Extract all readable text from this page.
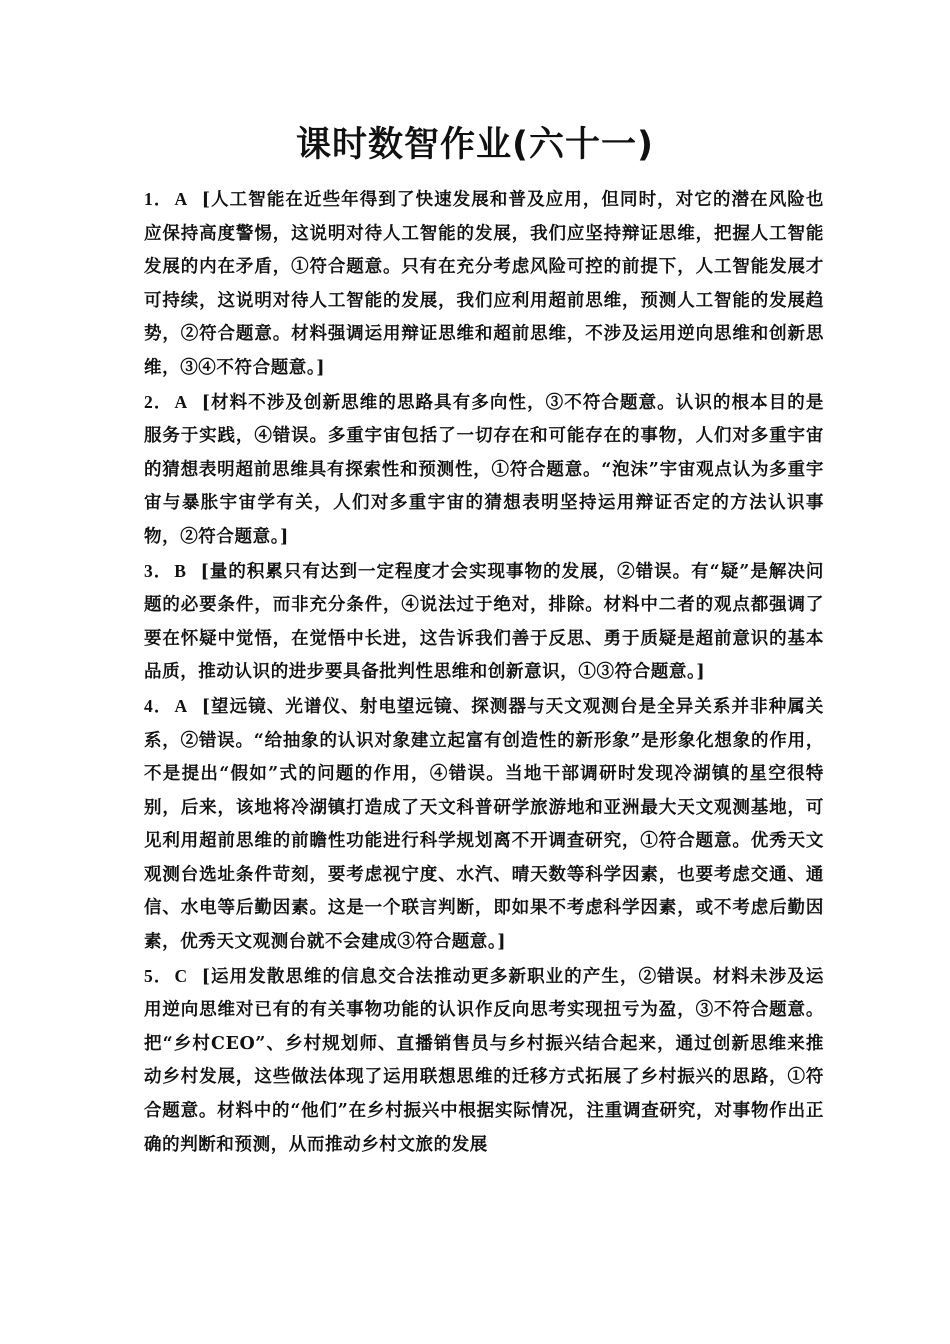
课时数智作业(六十一)

1． A [人工智能在近些年得到了快速发展和普及应用，但同时，对它的潜在风险也应保持高度警惕，这说明对待人工智能的发展，我们应坚持辩证思维，把握人工智能发展的内在矛盾，①符合题意。只有在充分考虑风险可控的前提下，人工智能发展才可持续，这说明对待人工智能的发展，我们应利用超前思维，预测人工智能的发展趋势，②符合题意。材料强调运用辩证思维和超前思维，不涉及运用逆向思维和创新思维，③④不符合题意。]

2． A [材料不涉及创新思维的思路具有多向性，③不符合题意。认识的根本目的是服务于实践，④错误。多重宇宙包括了一切存在和可能存在的事物，人们对多重宇宙的猜想表明超前思维具有探索性和预测性，①符合题意。“泡沫”宇宙观点认为多重宇宙与暴胀宇宙学有关，人们对多重宇宙的猜想表明坚持运用辩证否定的方法认识事物，②符合题意。]

3． B [量的积累只有达到一定程度才会实现事物的发展，②错误。有“疑”是解决问题的必要条件，而非充分条件，④说法过于绝对，排除。材料中二者的观点都强调了要在怀疑中觉悟，在觉悟中长进，这告诉我们善于反思、勇于质疑是超前意识的基本品质，推动认识的进步要具备批判性思维和创新意识，①③符合题意。]

4． A [望远镜、光谱仪、射电望远镜、探测器与天文观测台是全异关系并非种属关系，②错误。“给抽象的认识对象建立起富有创造性的新形象”是形象化想象的作用，不是提出“假如”式的问题的作用，④错误。当地干部调研时发现冷湖镇的星空很特别，后来，该地将冷湖镇打造成了天文科普研学旅游地和亚洲最大天文观测基地，可见利用超前思维的前瞻性功能进行科学规划离不开调查研究，①符合题意。优秀天文观测台选址条件苛刻，要考虑视宁度、水汽、晴天数等科学因素，也要考虑交通、通信、水电等后勤因素。这是一个联言判断，即如果不考虑科学因素，或不考虑后勤因素，优秀天文观测台就不会建成③符合题意。]

5． C [运用发散思维的信息交合法推动更多新职业的产生，②错误。材料未涉及运用逆向思维对已有的有关事物功能的认识作反向思考实现扭亏为盈，③不符合题意。把“乡村CEO”、乡村规划师、直播销售员与乡村振兴结合起来，通过创新思维来推动乡村发展，这些做法体现了运用联想思维的迁移方式拓展了乡村振兴的思路，①符合题意。材料中的“他们”在乡村振兴中根据实际情况，注重调查研究，对事物作出正确的判断和预测，从而推动乡村文旅的发展
